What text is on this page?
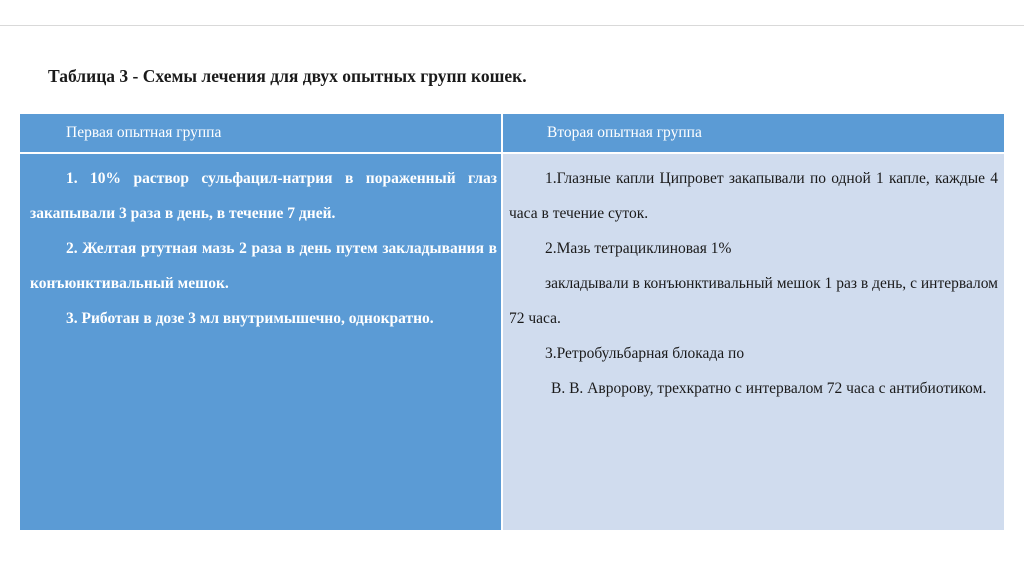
Таблица 3 - Схемы лечения для двух опытных групп кошек.
Первая опытная группа	Вторая опытная группа

1. 10% раствор сульфацил-натрия в пораженный глаз закапывали 3 раза в день, в течение 7 дней.

2. Желтая ртутная мазь 2 раза в день путем закладывания в конъюнктивальный мешок.

3. Риботан в дозе 3 мл внутримышечно, однократно.

1.Глазные капли Ципровет закапывали по одной 1 капле, каждые 4 часа в течение суток.

2.Мазь тетрациклиновая 1%

закладывали в конъюнктивальный мешок 1 раз в день, с интервалом 72 часа.

3.Ретробульбарная блокада по

В. В. Авророву, трехкратно с интервалом 72 часа с антибиотиком.
